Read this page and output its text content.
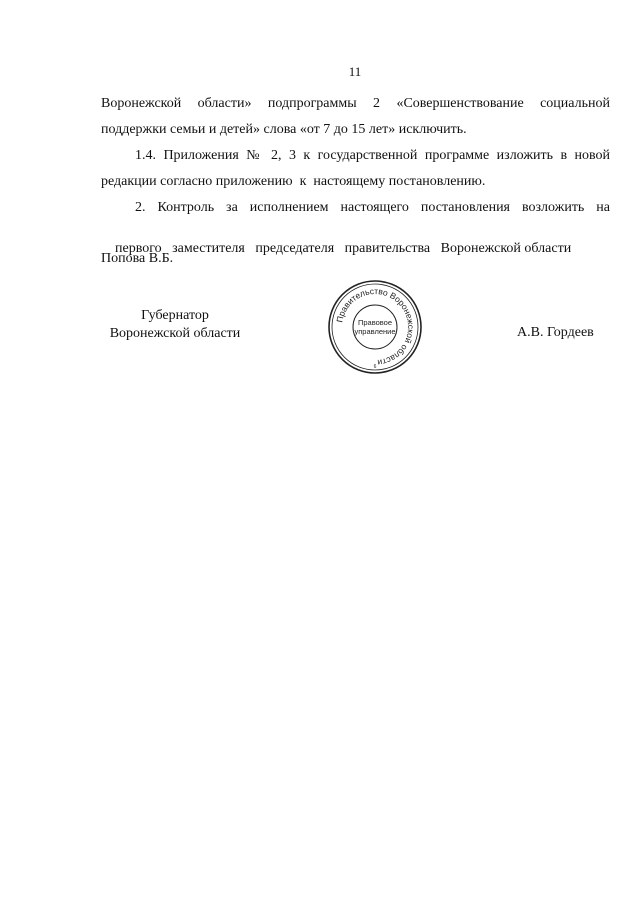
11
Воронежской области» подпрограммы 2 «Совершенствование социальной
поддержки семьи и детей» слова «от 7 до 15 лет» исключить.
1.4. Приложения № 2, 3 к государственной программе изложить в новой
редакции согласно приложению  к  настоящему постановлению.
2. Контроль за исполнением настоящего постановления возложить на

первого   заместителя   председателя   правительства   Воронежской области

Попова В.Б.
Губернатор
Воронежской области
Правительство Воронежской области
Правовое
управление
6
А.В. Гордеев
